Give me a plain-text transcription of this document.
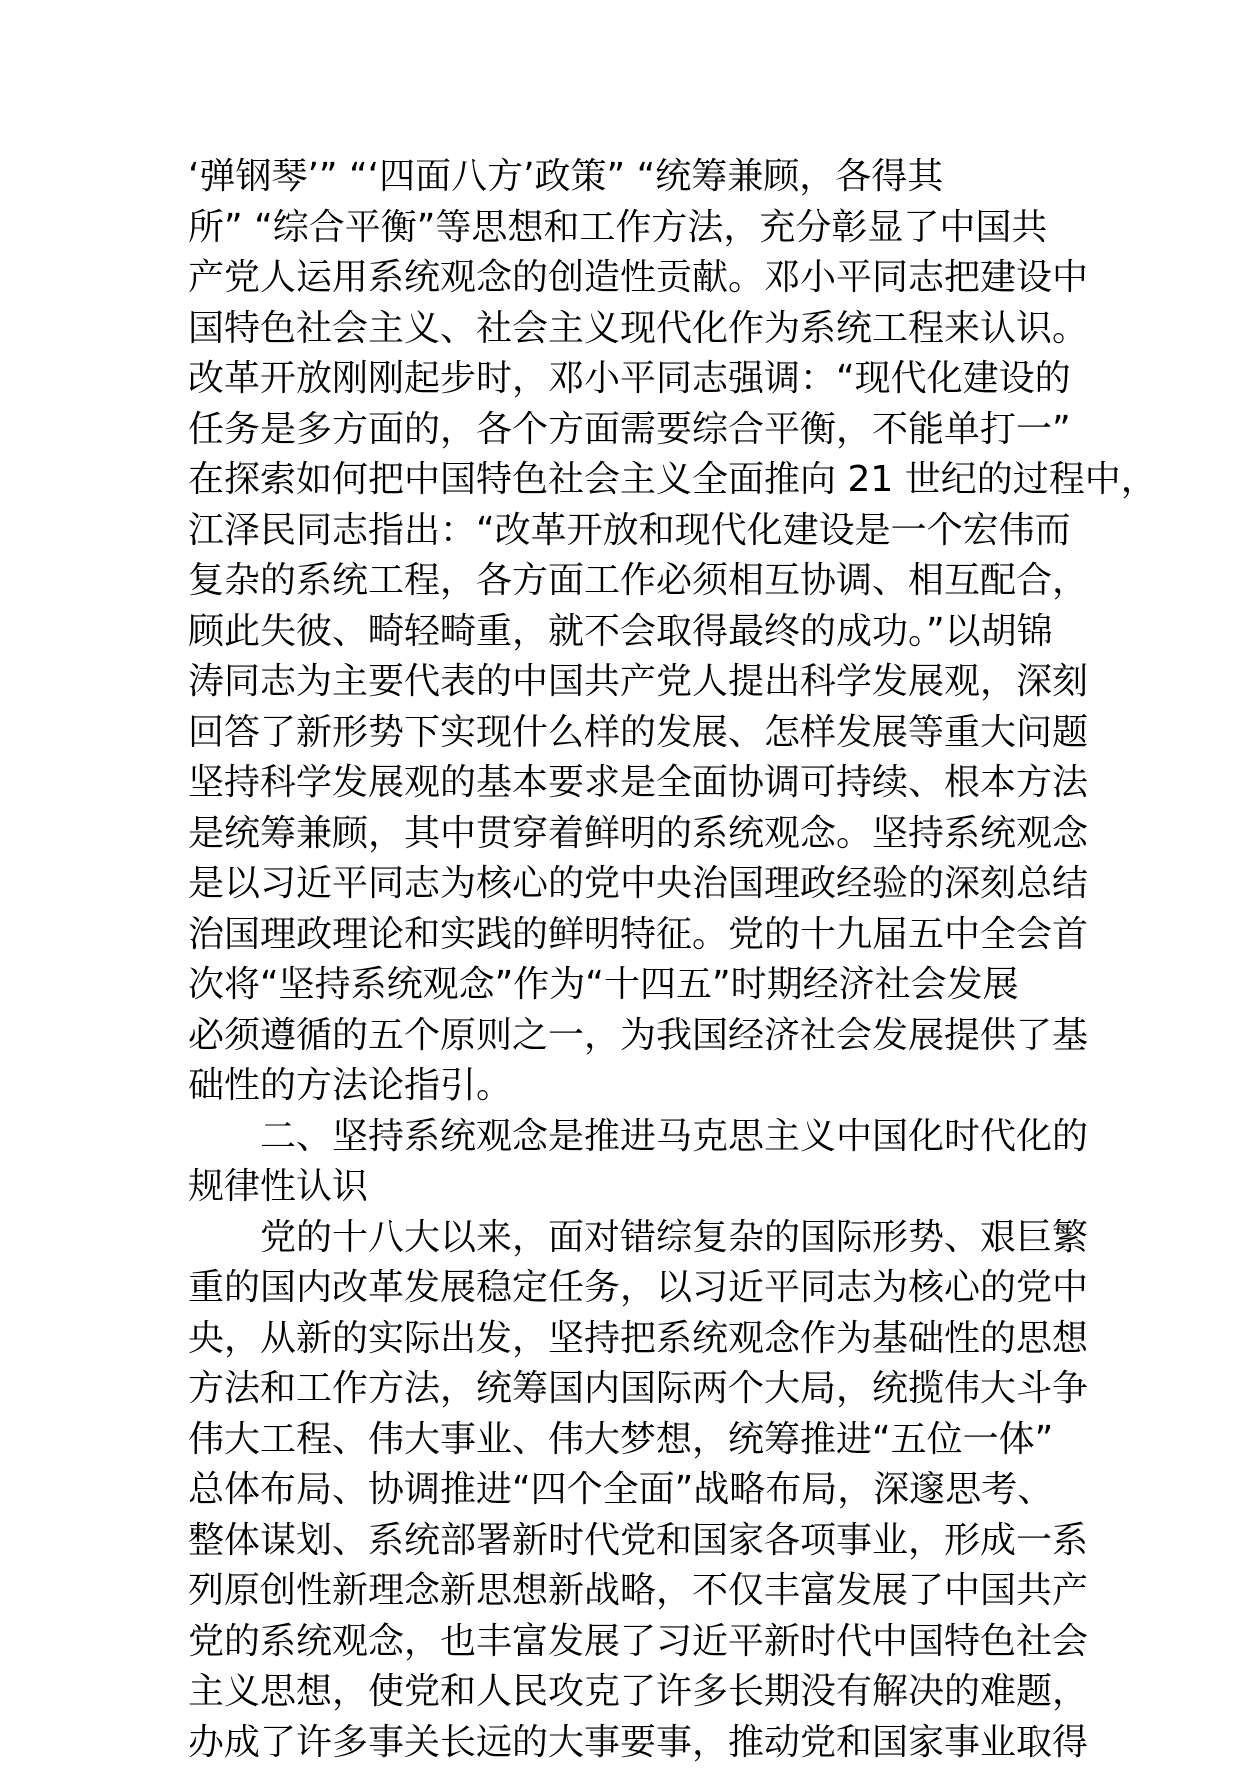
‘弹钢琴’” “‘四面八方’政策” “统筹兼顾，各得其
所” “综合平衡”等思想和工作方法，充分彰显了中国共
产党人运用系统观念的创造性贡献。邓小平同志把建设中
国特色社会主义、社会主义现代化作为系统工程来认识。
改革开放刚刚起步时，邓小平同志强调：“现代化建设的
任务是多方面的，各个方面需要综合平衡，不能单打一”
在探索如何把中国特色社会主义全面推向 21 世纪的过程中，
江泽民同志指出：“改革开放和现代化建设是一个宏伟而
复杂的系统工程，各方面工作必须相互协调、相互配合，
顾此失彼、畸轻畸重，就不会取得最终的成功。”以胡锦
涛同志为主要代表的中国共产党人提出科学发展观，深刻
回答了新形势下实现什么样的发展、怎样发展等重大问题
坚持科学发展观的基本要求是全面协调可持续、根本方法
是统筹兼顾，其中贯穿着鲜明的系统观念。坚持系统观念
是以习近平同志为核心的党中央治国理政经验的深刻总结
治国理政理论和实践的鲜明特征。党的十九届五中全会首
次将“坚持系统观念”作为“十四五”时期经济社会发展
必须遵循的五个原则之一，为我国经济社会发展提供了基
础性的方法论指引。
　　二、坚持系统观念是推进马克思主义中国化时代化的
规律性认识
　　党的十八大以来，面对错综复杂的国际形势、艰巨繁
重的国内改革发展稳定任务，以习近平同志为核心的党中
央，从新的实际出发，坚持把系统观念作为基础性的思想
方法和工作方法，统筹国内国际两个大局，统揽伟大斗争
伟大工程、伟大事业、伟大梦想，统筹推进“五位一体”
总体布局、协调推进“四个全面”战略布局，深邃思考、
整体谋划、系统部署新时代党和国家各项事业，形成一系
列原创性新理念新思想新战略，不仅丰富发展了中国共产
党的系统观念，也丰富发展了习近平新时代中国特色社会
主义思想，使党和人民攻克了许多长期没有解决的难题，
办成了许多事关长远的大事要事，推动党和国家事业取得
